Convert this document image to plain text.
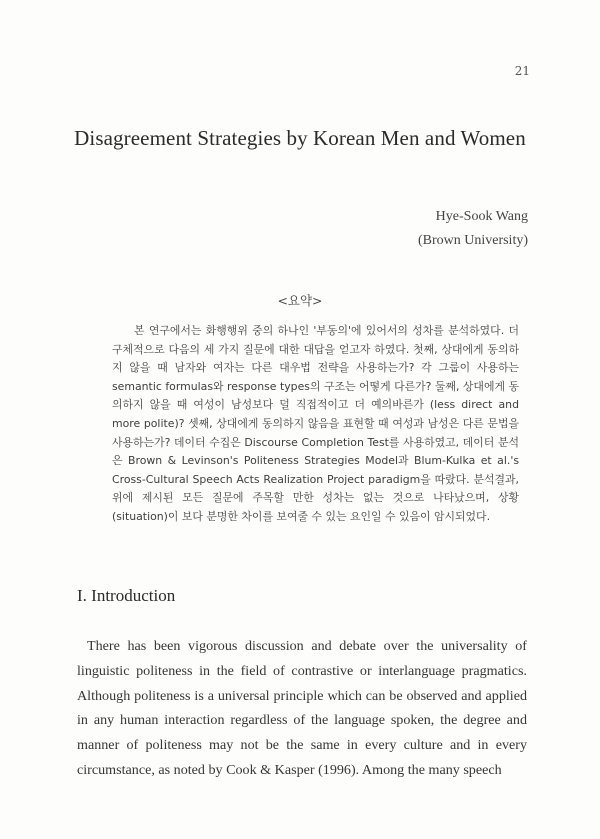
21
Disagreement Strategies by Korean Men and Women
Hye-Sook Wang
(Brown University)
<요약>

본 연구에서는 화행행위 중의 하나인 '부동의'에 있어서의 성차를 분석하였다. 더 구체적으로 다음의 세 가지 질문에 대한 대답을 얻고자 하였다. 첫째, 상대에게 동의하지 않을 때 남자와 여자는 다른 대우법 전략을 사용하는가? 각 그룹이 사용하는 semantic formulas와 response types의 구조는 어떻게 다른가? 둘째, 상대에게 동의하지 않을 때 여성이 남성보다 덜 직접적이고 더 예의바른가 (less direct and more polite)? 셋째, 상대에게 동의하지 않음을 표현할 때 여성과 남성은 다른 문법을 사용하는가? 데이터 수집은 Discourse Completion Test를 사용하였고, 데이터 분석은 Brown & Levinson's Politeness Strategies Model과 Blum-Kulka et al.'s Cross-Cultural Speech Acts Realization Project paradigm을 따랐다. 분석결과, 위에 제시된 모든 질문에 주목할 만한 성차는 없는 것으로 나타났으며, 상황 (situation)이 보다 분명한 차이를 보여줄 수 있는 요인일 수 있음이 암시되었다.

I. Introduction

There has been vigorous discussion and debate over the universality of linguistic politeness in the field of contrastive or interlanguage pragmatics. Although politeness is a universal principle which can be observed and applied in any human interaction regardless of the language spoken, the degree and manner of politeness may not be the same in every culture and in every circumstance, as noted by Cook & Kasper (1996). Among the many speech
